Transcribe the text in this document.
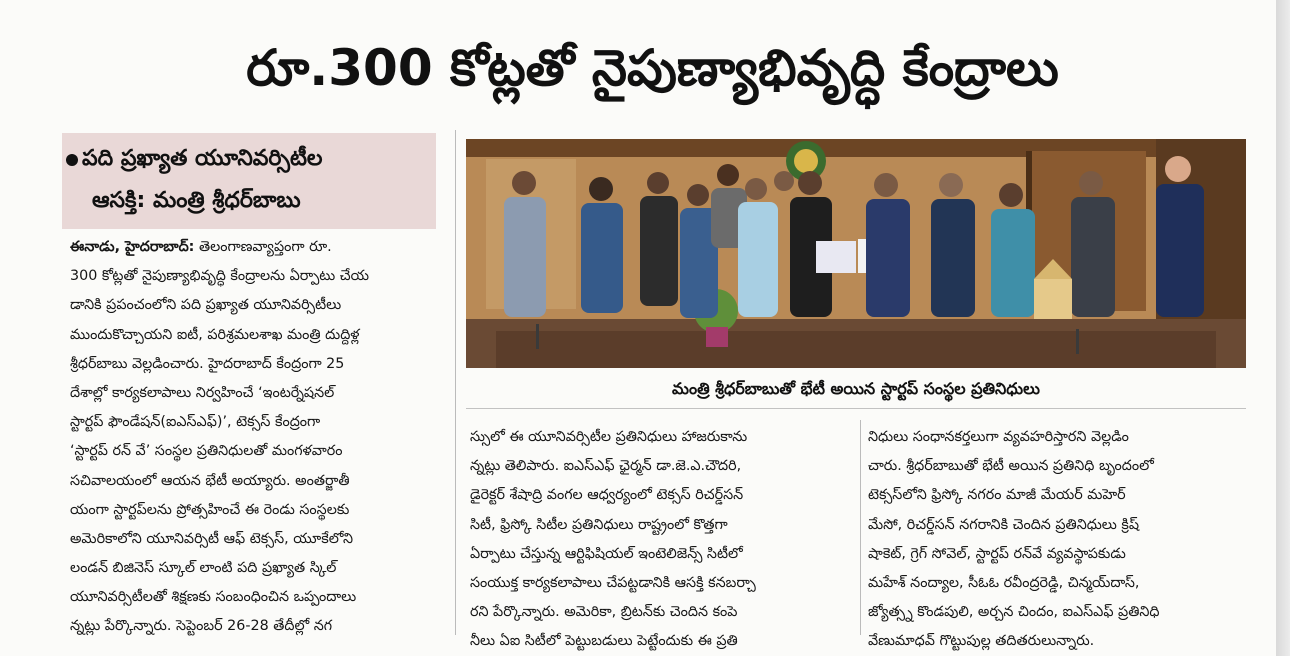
రూ.300 కోట్లతో నైపుణ్యాభివృద్ధి కేంద్రాలు
పది ప్రఖ్యాత యూనివర్సిటీల
ఆసక్తి: మంత్రి శ్రీధర్‌బాబు
ఈనాడు, హైదరాబాద్‌: తెలంగాణవ్యాప్తంగా రూ.
300 కోట్లతో నైపుణ్యాభివృద్ధి కేంద్రాలను ఏర్పాటు చేయ
డానికి ప్రపంచంలోని పది ప్రఖ్యాత యూనివర్సిటీలు
ముందుకొచ్చాయని ఐటీ, పరిశ్రమలశాఖ మంత్రి దుద్దిళ్ల
శ్రీధర్‌బాబు వెల్లడించారు. హైదరాబాద్‌ కేంద్రంగా 25
దేశాల్లో కార్యకలాపాలు నిర్వహించే ‘ఇంటర్నేషనల్‌
స్టార్టప్‌ ఫౌండేషన్‌(ఐఎస్‌ఎఫ్‌)’, టెక్సస్‌ కేంద్రంగా
‘స్టార్టప్‌ రన్‌ వే’ సంస్థల ప్రతినిధులతో మంగళవారం
సచివాలయంలో ఆయన భేటీ అయ్యారు. అంతర్జాతీ
యంగా స్టార్టప్‌లను ప్రోత్సహించే ఈ రెండు సంస్థలకు
అమెరికాలోని యూనివర్సిటీ ఆఫ్‌ టెక్సస్‌, యూకేలోని
లండన్‌ బిజినెస్‌ స్కూల్‌ లాంటి పది ప్రఖ్యాత స్కిల్‌
యూనివర్సిటీలతో శిక్షణకు సంబంధించిన ఒప్పందాలు
న్నట్లు పేర్కొన్నారు. సెప్టెంబర్‌ 26-28 తేదీల్లో నగ
మంత్రి శ్రీధర్‌బాబుతో భేటీ అయిన స్టార్టప్‌ సంస్థల ప్రతినిధులు
స్సులో ఈ యూనివర్సిటీల ప్రతినిధులు హాజరుకాను
న్నట్లు తెలిపారు. ఐఎస్‌ఎఫ్‌ ఛైర్మన్‌ డా.జె.ఎ.చౌదరి,
డైరెక్టర్‌ శేషాద్రి వంగల ఆధ్వర్యంలో టెక్సస్‌ రిచర్డ్‌సన్‌
సిటీ, ఫ్రిస్కో సిటీల ప్రతినిధులు రాష్ట్రంలో కొత్తగా
ఏర్పాటు చేస్తున్న ఆర్టిఫిషియల్‌ ఇంటెలిజెన్స్‌ సిటీలో
సంయుక్త కార్యకలాపాలు చేపట్టడానికి ఆసక్తి కనబర్చా
రని పేర్కొన్నారు. అమెరికా, బ్రిటన్‌కు చెందిన కంపె
నీలు ఏఐ సిటీలో పెట్టుబడులు పెట్టేందుకు ఈ ప్రతి
నిధులు సంధానకర్తలుగా వ్యవహరిస్తారని వెల్లడిం
చారు. శ్రీధర్‌బాబుతో భేటీ అయిన ప్రతినిధి బృందంలో
టెక్సస్‌లోని ఫ్రిస్కో నగరం మాజీ మేయర్‌ మహెర్‌
మేసో, రిచర్డ్‌సన్‌ నగరానికి చెందిన ప్రతినిధులు క్రిష్‌
షాకెట్‌, గ్రెగ్‌ సోవెల్‌, స్టార్టప్‌ రన్‌వే వ్యవస్థాపకుడు
మహేశ్‌ నంద్యాల, సీఓఓ రవీంద్రరెడ్డి, చిన్మయ్‌దాస్‌,
జ్యోత్స్న కొండపులి, అర్చన చిందం, ఐఎస్‌ఎఫ్‌ ప్రతినిధి
వేణుమాధవ్‌ గొట్టుపుల్ల తదితరులున్నారు.
